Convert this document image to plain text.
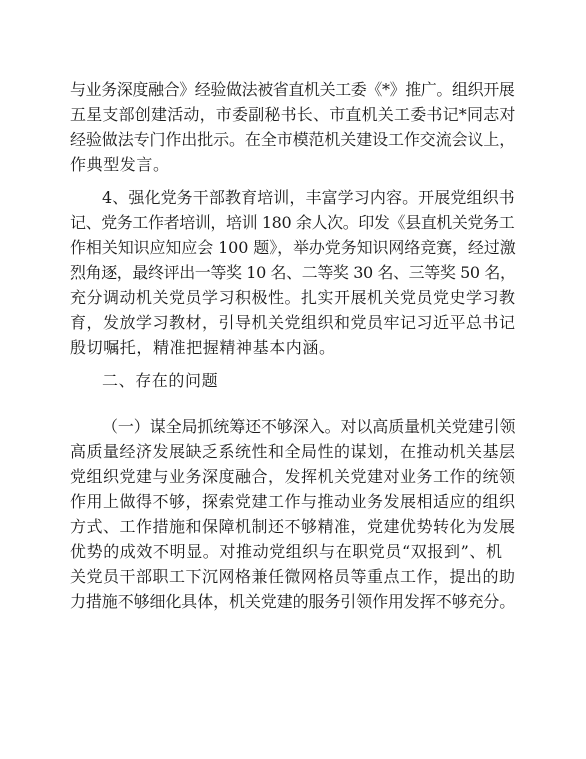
与业务深度融合》经验做法被省直机关工委《*》推广。组织开展
五星支部创建活动，市委副秘书长、市直机关工委书记*同志对
经验做法专门作出批示。在全市模范机关建设工作交流会议上，
作典型发言。
4、强化党务干部教育培训，丰富学习内容。开展党组织书
记、党务工作者培训，培训 180 余人次。印发《县直机关党务工
作相关知识应知应会 100 题》，举办党务知识网络竞赛，经过激
烈角逐，最终评出一等奖 10 名、二等奖 30 名、三等奖 50 名，
充分调动机关党员学习积极性。扎实开展机关党员党史学习教
育，发放学习教材，引导机关党组织和党员牢记习近平总书记
殷切嘱托，精准把握精神基本内涵。
二、存在的问题
（一）谋全局抓统筹还不够深入。对以高质量机关党建引领
高质量经济发展缺乏系统性和全局性的谋划，在推动机关基层
党组织党建与业务深度融合，发挥机关党建对业务工作的统领
作用上做得不够，探索党建工作与推动业务发展相适应的组织
方式、工作措施和保障机制还不够精准，党建优势转化为发展
优势的成效不明显。对推动党组织与在职党员“双报到”、机
关党员干部职工下沉网格兼任微网格员等重点工作，提出的助
力措施不够细化具体，机关党建的服务引领作用发挥不够充分。
